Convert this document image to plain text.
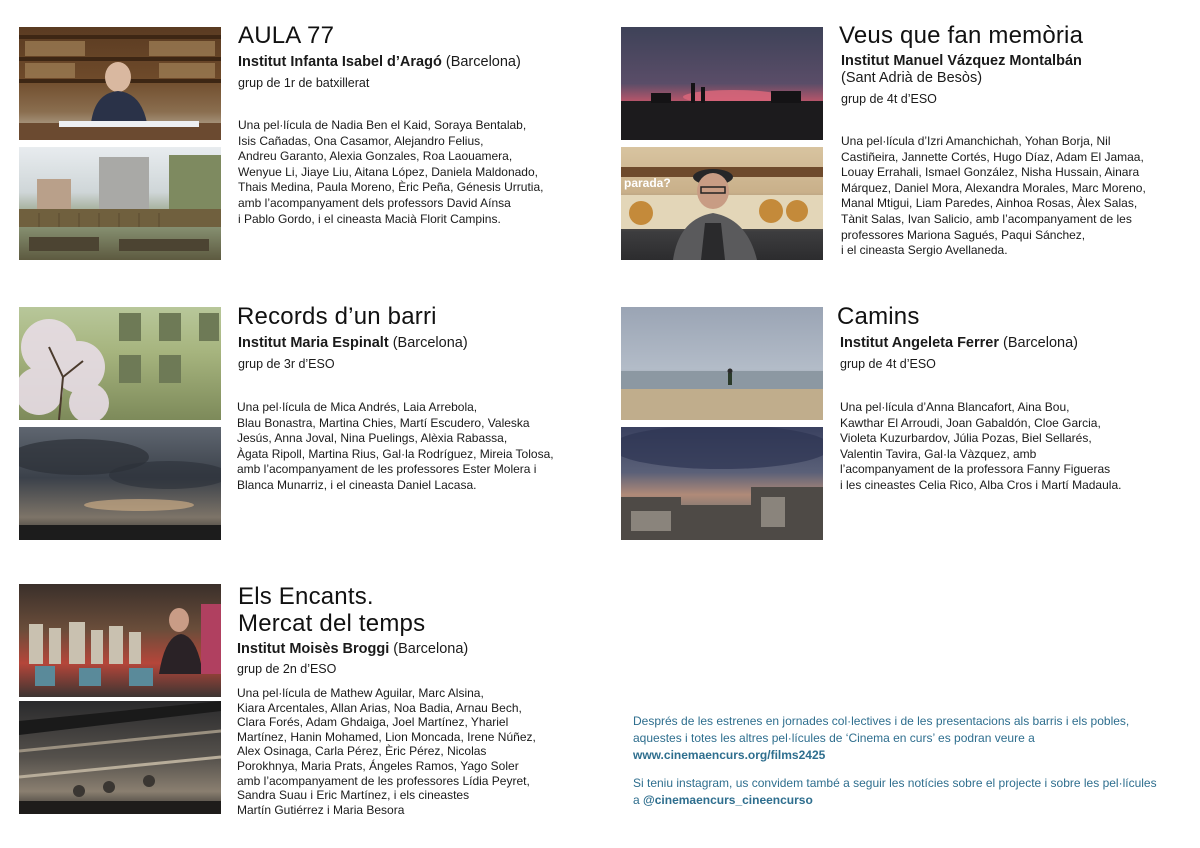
AULA 77
Institut Infanta Isabel d’Aragó (Barcelona)
grup de 1r de batxillerat
Una pel·lícula de Nadia Ben el Kaid, Soraya Bentalab,
Isis Cañadas, Ona Casamor, Alejandro Felius,
Andreu Garanto, Alexia Gonzales, Roa Laouamera,
Wenyue Li, Jiaye Liu, Aitana López, Daniela Maldonado,
Thais Medina, Paula Moreno, Èric Peña, Génesis Urrutia,
amb l’acompanyament dels professors David Aínsa
i Pablo Gordo, i el cineasta Macià Florit Campins.
parada?
Veus que fan memòria
Institut Manuel Vázquez Montalbán
(Sant Adrià de Besòs)
grup de 4t d’ESO
Una pel·lícula d’Izri Amanchichah, Yohan Borja, Nil
Castiñeira, Jannette Cortés, Hugo Díaz, Adam El Jamaa,
Louay Errahali, Ismael González, Nisha Hussain, Ainara
Márquez, Daniel Mora, Alexandra Morales, Marc Moreno,
Manal Mtigui, Liam Paredes, Ainhoa Rosas, Àlex Salas,
Tànit Salas, Ivan Salicio, amb l’acompanyament de les
professores Mariona Sagués, Paqui Sánchez,
i el cineasta Sergio Avellaneda.
Records d’un barri
Institut Maria Espinalt (Barcelona)
grup de 3r d’ESO
Una pel·lícula de Mica Andrés, Laia Arrebola,
Blau Bonastra, Martina Chies, Martí Escudero, Valeska
Jesús, Anna Joval, Nina Puelings, Alèxia Rabassa,
Àgata Ripoll, Martina Rius, Gal·la Rodríguez, Mireia Tolosa,
amb l’acompanyament de les professores Ester Molera i
Blanca Munarriz, i el cineasta Daniel Lacasa.
Camins
Institut Angeleta Ferrer (Barcelona)
grup de 4t d’ESO
Una pel·lícula d’Anna Blancafort, Aina Bou,
Kawthar El Arroudi, Joan Gabaldón, Cloe Garcia,
Violeta Kuzurbardov, Júlia Pozas, Biel Sellarés,
Valentin Tavira, Gal·la Vàzquez, amb
l’acompanyament de la professora Fanny Figueras
i les cineastes Celia Rico, Alba Cros i Martí Madaula.
Els Encants.
Mercat del temps
Institut Moisès Broggi (Barcelona)
grup de 2n d’ESO
Una pel·lícula de Mathew Aguilar, Marc Alsina,
Kiara Arcentales, Allan Arias, Noa Badia, Arnau Bech,
Clara Forés, Adam Ghdaiga, Joel Martínez, Yhariel
Martínez, Hanin Mohamed, Lion Moncada, Irene Núñez,
Alex Osinaga, Carla Pérez, Èric Pérez, Nicolas
Porokhnya, Maria Prats, Ángeles Ramos, Yago Soler
amb l’acompanyament de les professores Lídia Peyret,
Sandra Suau i Eric Martínez, i els cineastes
Martín Gutiérrez i Maria Besora
Després de les estrenes en jornades col·lectives i de les presentacions als barris i els pobles, aquestes i totes les altres pel·lícules de ‘Cinema en curs’ es podran veure a
www.cinemaencurs.org/films2425
Si teniu instagram, us convidem també a seguir les notícies sobre el projecte i sobre les pel·lícules a @cinemaencurs_cineencurso
